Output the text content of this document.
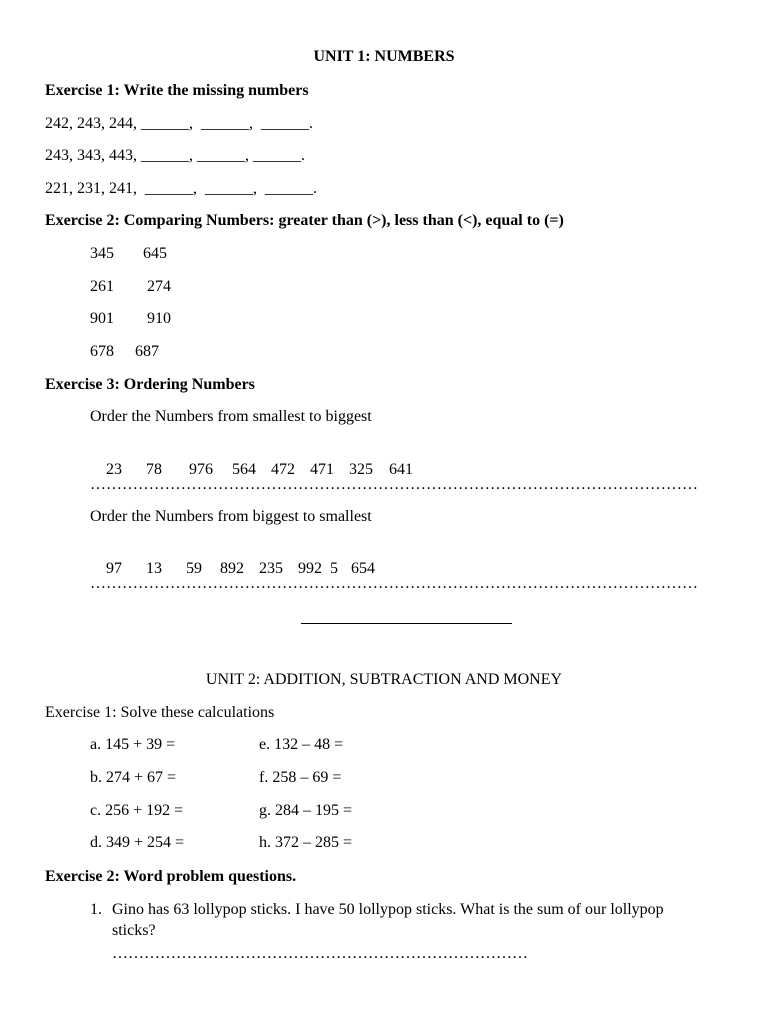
UNIT 1: NUMBERS
Exercise 1: Write the missing numbers
242, 243, 244, ______,  ______,  ______.
243, 343, 443, ______, ______, ______.
221, 231, 241,  ______,  ______,  ______.
Exercise 2: Comparing Numbers: greater than (>), less than (<), equal to (=)
345 645
261 274
901 910
678 687
Exercise 3: Ordering Numbers
Order the Numbers from smallest to biggest

23 78 976 564 472 471 325 641

……………………………………………………………………………………………………
Order the Numbers from biggest to smallest

97 13 59 892 235 992 5 654

……………………………………………………………………………………………………
UNIT 2: ADDITION, SUBTRACTION AND MONEY
Exercise 1: Solve these calculations
a. 145 + 39 =	e. 132 – 48 =
b. 274 + 67 =	f. 258 – 69 =
c. 256 + 192 =	g. 284 – 195 =
d. 349 + 254 =	h. 372 – 285 =
Exercise 2: Word problem questions.
1. Gino has 63 lollypop sticks. I have 50 lollypop sticks. What is the sum of our lollypop
sticks?
……………………………………………………………………
